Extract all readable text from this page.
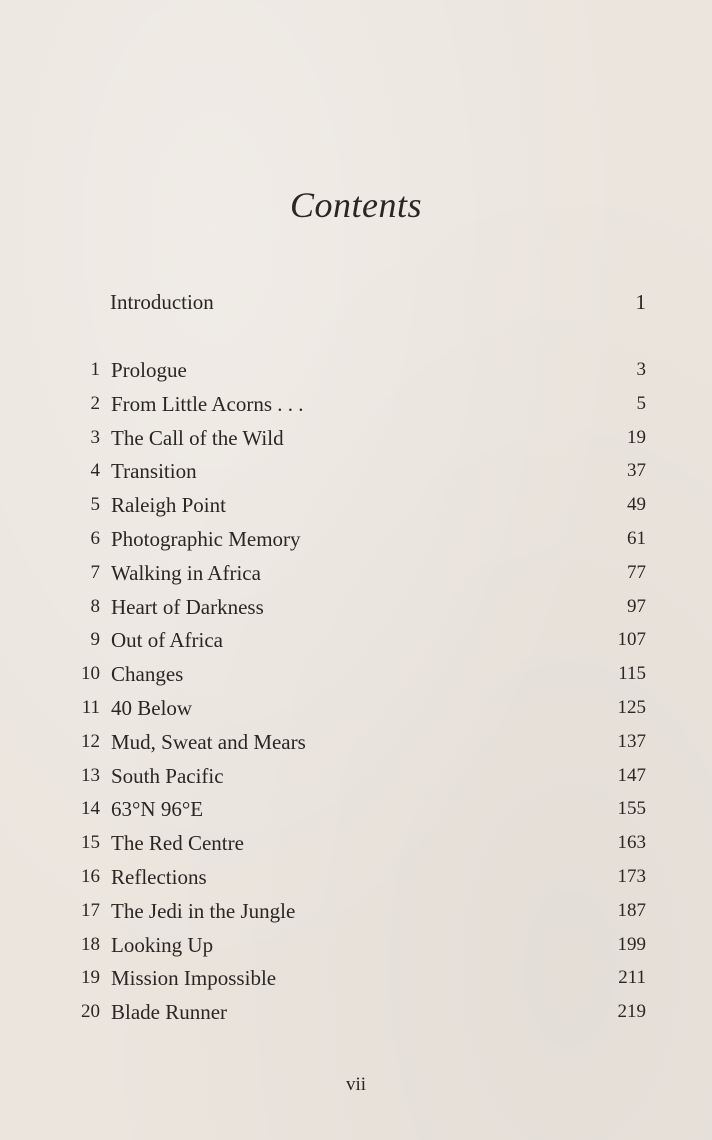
Contents
Introduction	1
1 Prologue	3
2 From Little Acorns . . .	5
3 The Call of the Wild	19
4 Transition	37
5 Raleigh Point	49
6 Photographic Memory	61
7 Walking in Africa	77
8 Heart of Darkness	97
9 Out of Africa	107
10 Changes	115
11 40 Below	125
12 Mud, Sweat and Mears	137
13 South Pacific	147
14 63°N 96°E	155
15 The Red Centre	163
16 Reflections	173
17 The Jedi in the Jungle	187
18 Looking Up	199
19 Mission Impossible	211
20 Blade Runner	219
vii
